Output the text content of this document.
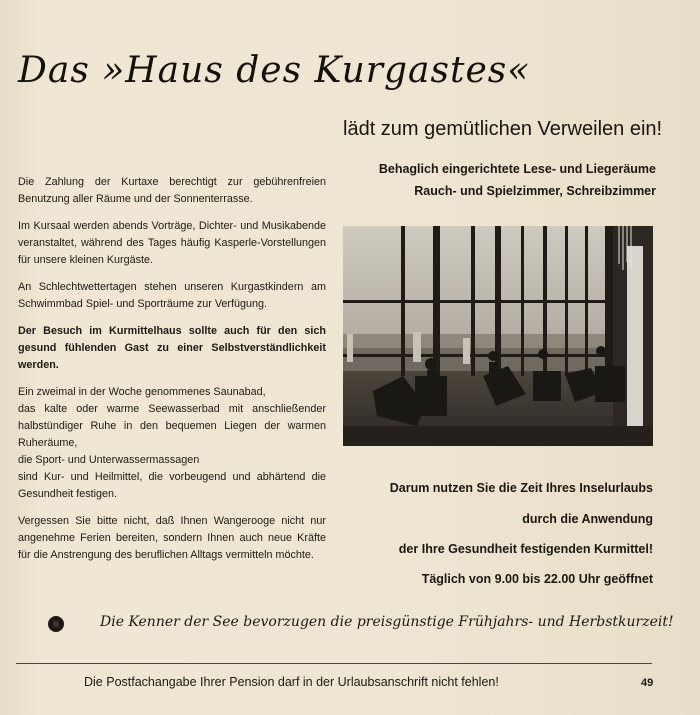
Das »Haus des Kurgastes«
lädt zum gemütlichen Verweilen ein!
Behaglich eingerichtete Lese- und Liegeräume
Rauch- und Spielzimmer, Schreibzimmer

Die Zahlung der Kurtaxe berechtigt zur gebührenfreien Benutzung aller Räume und der Sonnenterrasse.

Im Kursaal werden abends Vorträge, Dichter- und Musikabende veranstaltet, während des Tages häufig Kasperle-Vorstellungen für unsere kleinen Kurgäste.

An Schlechtwettertagen stehen unseren Kurgastkindern am Schwimmbad Spiel- und Sporträume zur Verfügung.

Der Besuch im Kurmittelhaus sollte auch für den sich gesund fühlenden Gast zu einer Selbstverständlichkeit werden.

Ein zweimal in der Woche genommenes Saunabad,
das kalte oder warme Seewasserbad mit anschließender halbstündiger Ruhe in den bequemen Liegen der warmen Ruheräume,
die Sport- und Unterwassermassagen
sind Kur- und Heilmittel, die vorbeugend und abhärtend die Gesundheit festigen.

Vergessen Sie bitte nicht, daß Ihnen Wangerooge nicht nur angenehme Ferien bereiten, sondern Ihnen auch neue Kräfte für die Anstrengung des beruflichen Alltags vermitteln möchte.

Darum nutzen Sie die Zeit Ihres Inselurlaubs
durch die Anwendung
der Ihre Gesundheit festigenden Kurmittel!
Täglich von 9.00 bis 22.00 Uhr geöffnet
Die Kenner der See bevorzugen die preisgünstige Frühjahrs- und Herbstkurzeit!
Die Postfachangabe Ihrer Pension darf in der Urlaubsanschrift nicht fehlen!	49
